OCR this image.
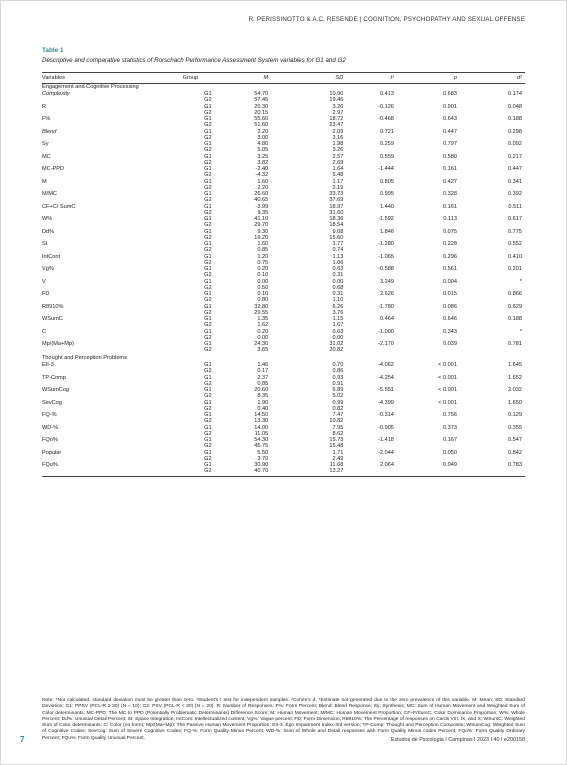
R. PERISSINOTTO & A.C. RESENDE | COGNITION, PSYCHOPATHY AND SEXUAL OFFENSE
Table 1
Descriptive and comparative statistics of Rorschach Performance Assessment System variables for G1 and G2
Variables	Group	M	SD	t¹	p	d²
Engagement and Cognitive Processing						
Complexity	G1	54.70	10.90	0.413	0.683	0.174
	G2	57.45	19.46			
R	G1	20.30	3.26	-0.126	0.901	0.048
	G2	20.15	2.97			
F%	G1	55.60	18.72	-0.468	0.643	0.188
	G2	51.60	23.47			
Blend	G1	2.20	2.09	0.721	0.447	0.298
	G2	3.00	3.16			
Sy	G1	4.80	1.98	0.259	0.797	0.092
	G2	5.05	3.26			
MC	G1	3.25	2.57	0.559	0.580	0.217
	G2	3.82	2.69			
MC-PPD	G1	-2.40	1.64	-1.444	0.161	0.447
	G2	-4.32	5.48			
M	G1	1.60	1.17	0.805	0.427	0.341
	G2	2.20	2.19			
M/MC	G1	26.60	33.73	0.995	0.328	0.392
	G2	40.65	37.69			
CF+C/ SumC	G1	-3.99	18.97	1.440	0.161	0.511
	G2	9.35	31.60			
W%	G1	41.10	18.36	-1.592	0.113	0.617
	G2	29.70	18.54			
Dd%	G1	9.30	9.08	1.846	0.075	0.775
	G2	19.20	15.60			
SI	G1	1.60	1.77	-1.280	0.228	0.552
	G2	0.85	0.74			
IntCont	G1	1.20	1.13	-1.065	0.296	0.410
	G2	0.75	1.06			
Vg%	G1	0.20	0.63	-0.588	0.561	0.201
	G2	0.10	0.31			
V	G1	0.00	0.00	3.249	0.004	*
	G2	0.50	0.68			
FD	G1	0.10	0.31	2.626	0.015	0.866
	G2	0.80	1.10			
R8910%	G1	32.80	6.26	-1.780	0.086	0.629
	G2	29.55	3.76			
WSumC	G1	1.35	1.15	0.464	0.646	0.188
	G2	1.62	1.67			
C	G1	0.20	0.63	-1.000	0.343	*
	G2	0.00	0.00			
Mp/(Ma+Mp)	G1	24.30	31.02	-2.170	0.039	0.781
	G2	3.65	20.82			
Thought and Perception Problems						
EII-3	G1	1.46	0.70	-4.062	< 0.001	1.645
	G2	0.17	0.86			
TP-Comp	G1	2.37	0.93	-4.254	< 0.001	1.652
	G2	0.85	0.91			
WSumCog	G1	20.60	6.89	-5.551	< 0.001	2.032
	G2	8.35	5.02			
SevCog	G1	1.90	0.99	-4.399	< 0.001	1.650
	G2	0.40	0.82			
FQ-%	G1	14.50	7.47	-0.314	0.756	0.129
	G2	13.30	10.82			
WD-%	G1	14.00	7.95	-0.905	0.373	0.355
	G2	11.05	8.62			
FQo%	G1	54.30	15.73	-1.418	0.167	0.547
	G2	45.75	15.48			
Popular	G1	5.50	1.71	-2.044	0.050	0.842
	G2	3.70	2.49			
FQu%	G1	30.90	11.68	2.064	0.049	0.783
	G2	40.70	13.27			
Note: *Not calculated, standard deviation must be greater than zero. ¹Student's t test for independent samples. ²Cohen's d. *Estimate not generated due to the zero prevalence of this variable. M: Mean; SD: Standard Deviation; G1: PPSV (PCL-R ≥ 30) (N = 10); G2: PSV (PCL-R < 30) (N = 20). R: Number of Responses; F%: Form Percent; Blend: Blend Response; Sy: Synthesis; MC: Sum of Human Movement and Weighted Sum of Color determinants; MC-PPD: The MC to PPD (Potentially Problematic Determinants) Difference Score; M: Human Movement; M/MC: Human Movement Proportion; CF+F/SumC: Color Dominance Proportion; W%: Whole Percent; Dd%: Unusual Detail Percent; SI: Space Integration; IntCont: Intellectualized content; Vg%: Vague percent; FD: Form Dimension; R8910%: The Percentage of responses on Cards VIII, IX, and X; WSumC: Weighted Sum of Color determinants; C: Color (no form); Mp/(Ma+Mp): The Passive Human Movement Proportion; EII-3: Ego Impairment Index-3rd version; TP-Comp: Thought and Perception Composite; WSumCog: Weighted Sum of Cognitive Codes; SevCog: Sum of Severe Cognitive Codes; FQ-%: Form Quality Minus Percent; WD-%: Sum of Whole and Detail responses with Form Quality Minus codes Percent; FQo%: Form Quality Ordinary Percent; FQu%: Form Quality Unusual Percent.
7	Estudos de Psicologia I Campinas I 2023 I 40 I e200158
